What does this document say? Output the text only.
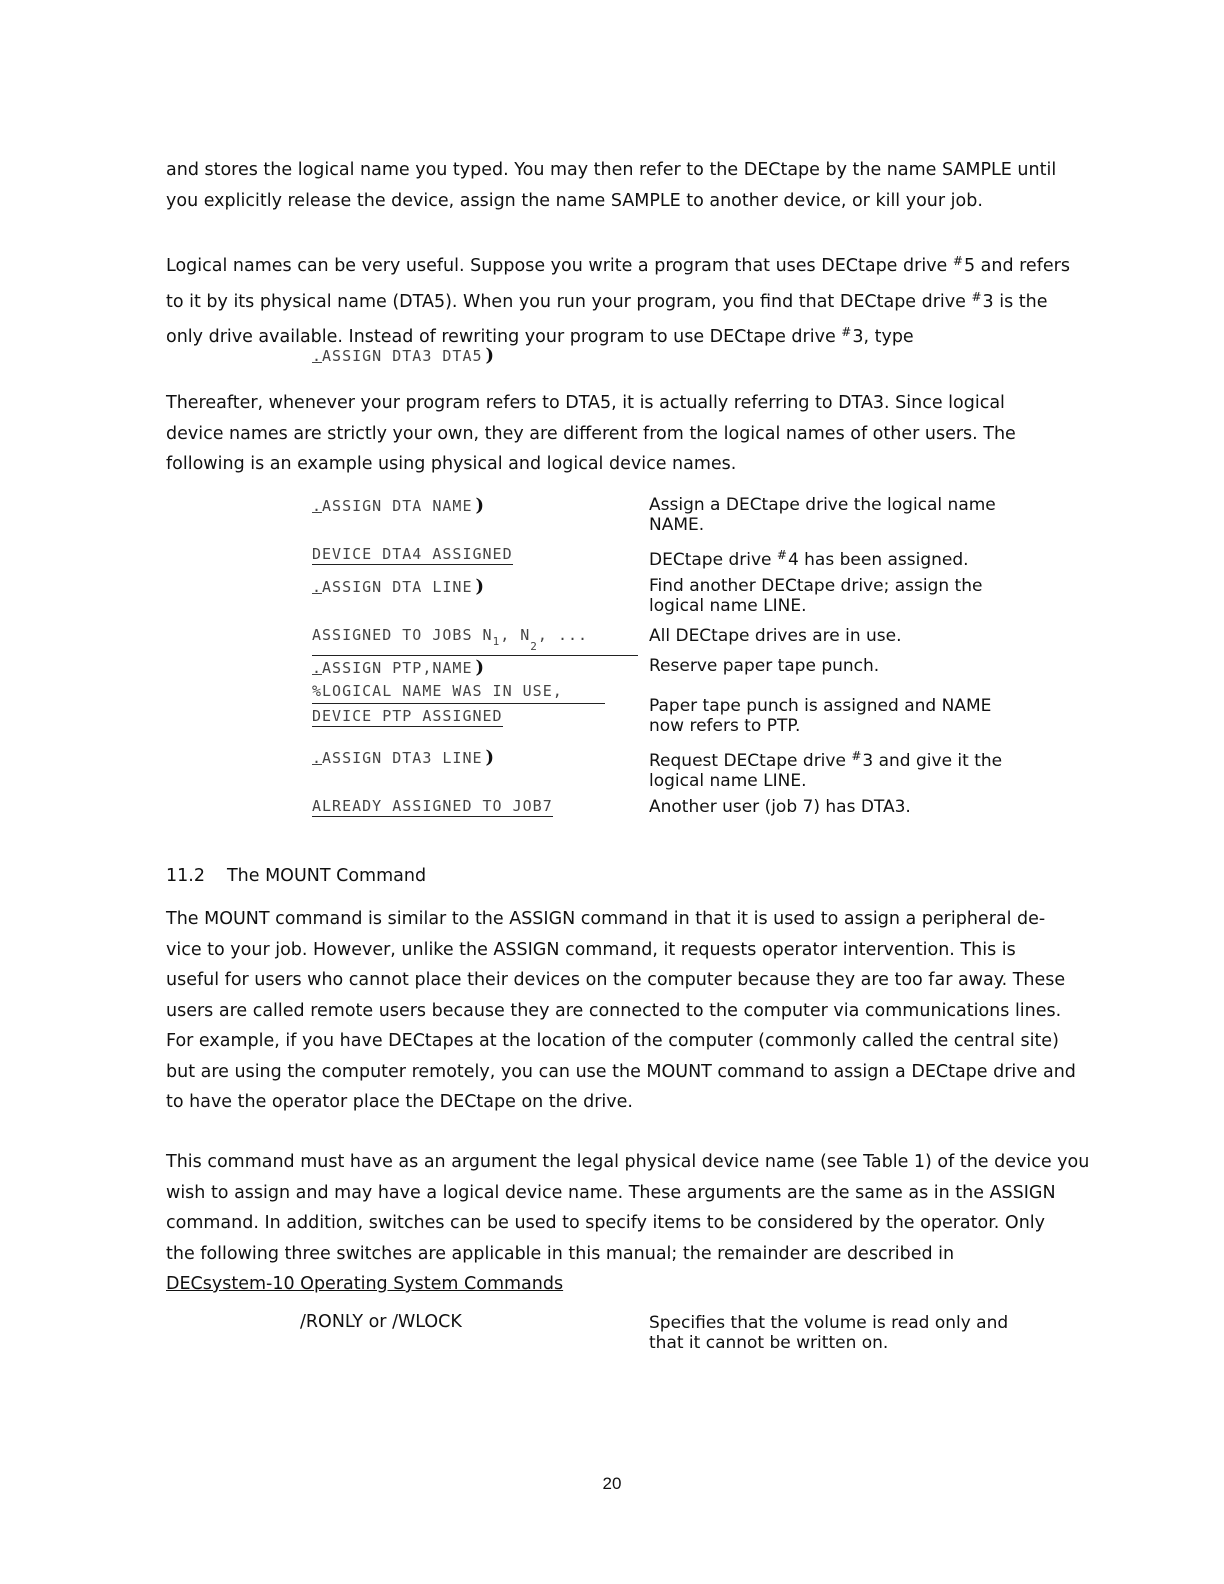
and stores the logical name you typed. You may then refer to the DECtape by the name SAMPLE until
you explicitly release the device, assign the name SAMPLE to another device, or kill your job.
Logical names can be very useful. Suppose you write a program that uses DECtape drive #5 and refers
to it by its physical name (DTA5). When you run your program, you find that DECtape drive #3 is the
only drive available. Instead of rewriting your program to use DECtape drive #3, type
.ASSIGN DTA3 DTA5 )
Thereafter, whenever your program refers to DTA5, it is actually referring to DTA3. Since logical
device names are strictly your own, they are different from the logical names of other users. The
following is an example using physical and logical device names.
.ASSIGN DTA NAME )	Assign a DECtape drive the logical name
NAME.
DEVICE DTA4 ASSIGNED	DECtape drive #4 has been assigned.
.ASSIGN DTA LINE )	Find another DECtape drive; assign the
logical name LINE.
ASSIGNED TO JOBS $N_1$, $N_2$, ...	All DECtape drives are in use.
.ASSIGN PTP,NAME )	Reserve paper tape punch.
%LOGICAL NAME WAS IN USE,
DEVICE PTP ASSIGNED	Paper tape punch is assigned and NAME
now refers to PTP.
.ASSIGN DTA3 LINE )	Request DECtape drive #3 and give it the
logical name LINE.
ALREADY ASSIGNED TO JOB7	Another user (job 7) has DTA3.
11.2 The MOUNT Command
The MOUNT command is similar to the ASSIGN command in that it is used to assign a peripheral de-
vice to your job. However, unlike the ASSIGN command, it requests operator intervention. This is
useful for users who cannot place their devices on the computer because they are too far away. These
users are called remote users because they are connected to the computer via communications lines.
For example, if you have DECtapes at the location of the computer (commonly called the central site)
but are using the computer remotely, you can use the MOUNT command to assign a DECtape drive and
to have the operator place the DECtape on the drive.
This command must have as an argument the legal physical device name (see Table 1) of the device you
wish to assign and may have a logical device name. These arguments are the same as in the ASSIGN
command. In addition, switches can be used to specify items to be considered by the operator. Only
the following three switches are applicable in this manual; the remainder are described in
DECsystem-10 Operating System Commands
/RONLY or /WLOCK	Specifies that the volume is read only and
that it cannot be written on.
20
